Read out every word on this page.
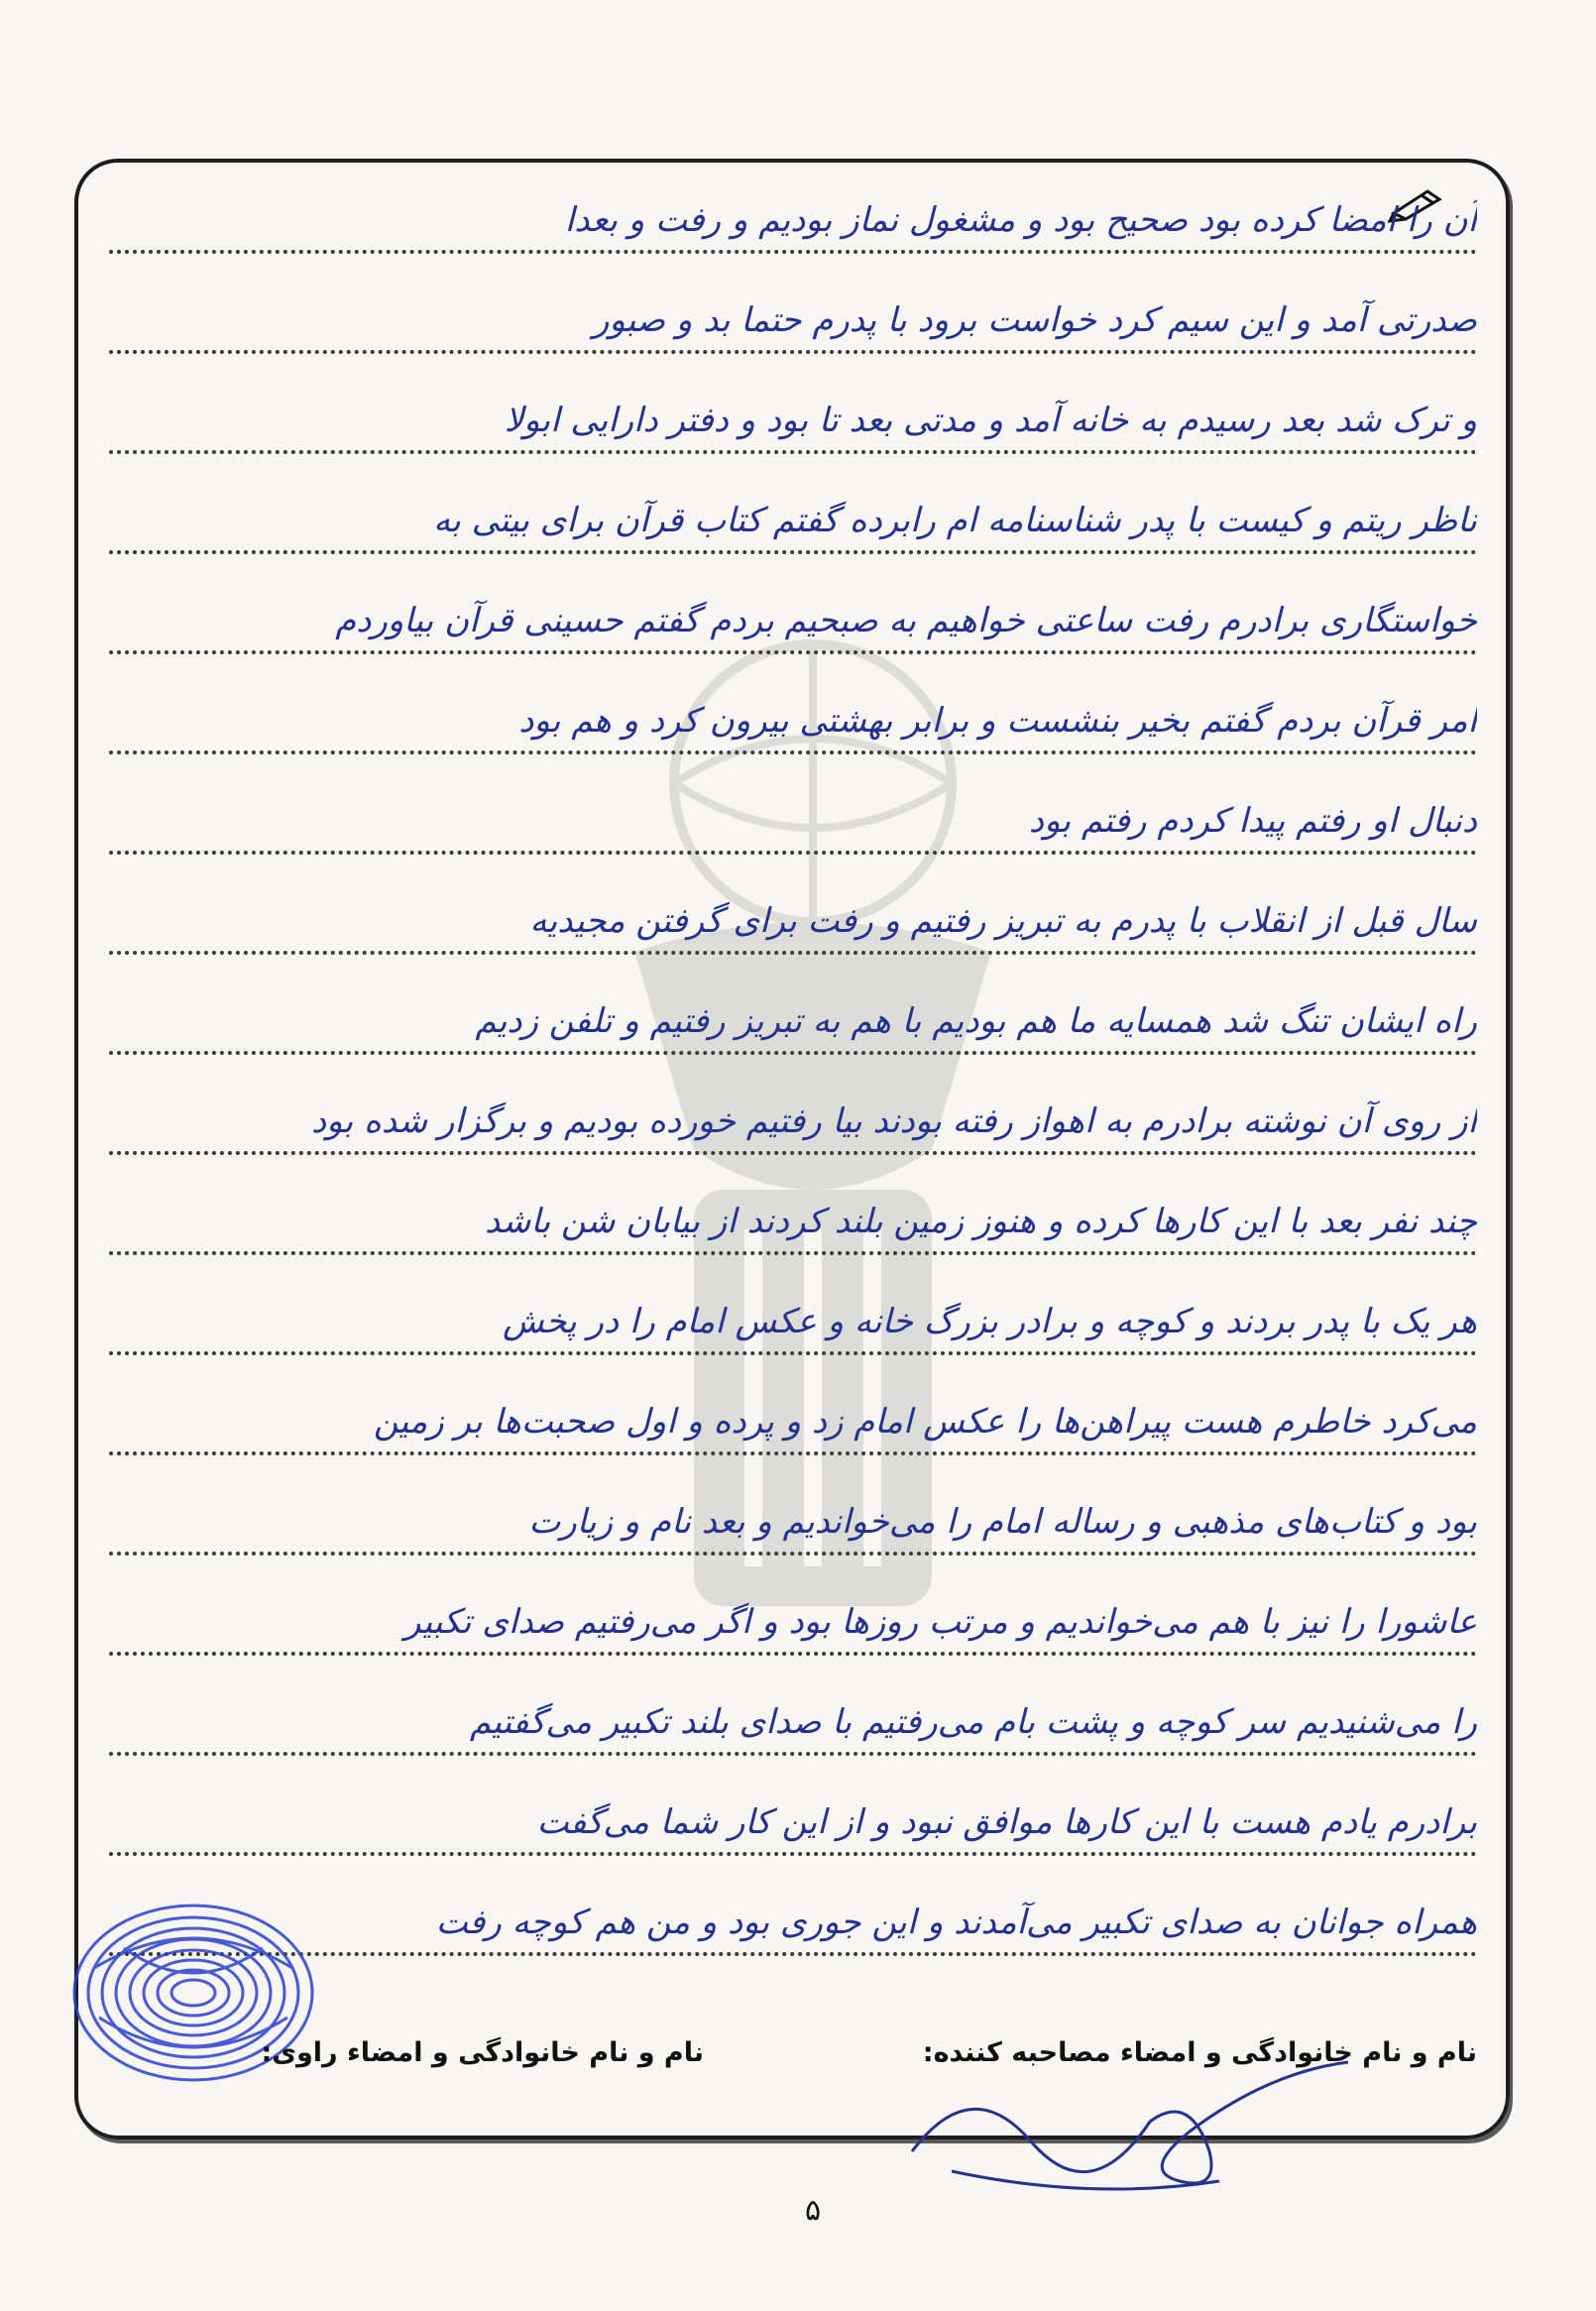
آن را امضا کرده بود صحیح بود و مشغول نماز بودیم و رفت و بعدا
صدرتی آمد و این سیم کرد خواست برود با پدرم حتما بد و صبور
و ترک شد بعد رسیدم به خانه آمد و مدتی بعد تا بود و دفتر دارایی ابولا
ناظر ریتم و کیست با پدر شناسنامه ام رابرده گفتم کتاب قرآن برای بیتی به
خواستگاری برادرم رفت ساعتی خواهیم به صبحیم بردم گفتم حسینی قرآن بیاوردم
امر قرآن بردم گفتم بخیر بنشست و برابر بهشتی بیرون کرد و هم بود
دنبال او رفتم پیدا کردم رفتم بود
سال قبل از انقلاب با پدرم به تبریز رفتیم و رفت برای گرفتن مجیدیه
راه ایشان تنگ شد همسایه ما هم بودیم با هم به تبریز رفتیم و تلفن زدیم
از روی آن نوشته برادرم به اهواز رفته بودند بیا رفتیم خورده بودیم و برگزار شده بود
چند نفر بعد با این کارها کرده و هنوز زمین بلند کردند از بیابان شن باشد
هر یک با پدر بردند و کوچه و برادر بزرگ خانه و عکس امام را در پخش
می‌کرد خاطرم هست پیراهن‌ها را عکس امام زد و پرده و اول صحبت‌ها بر زمین
بود و کتاب‌های مذهبی و رساله امام را می‌خواندیم و بعد نام و زیارت
عاشورا را نیز با هم می‌خواندیم و مرتب روزها بود و اگر می‌رفتیم صدای تکبیر
را می‌شنیدیم سر کوچه و پشت بام می‌رفتیم با صدای بلند تکبیر می‌گفتیم
برادرم یادم هست با این کارها موافق نبود و از این کار شما می‌گفت
همراه جوانان به صدای تکبیر می‌آمدند و این جوری بود و من هم کوچه رفت
نام و نام خانوادگی و امضاء مصاحبه کننده:
نام و نام خانوادگی و امضاء راوی:
۵
